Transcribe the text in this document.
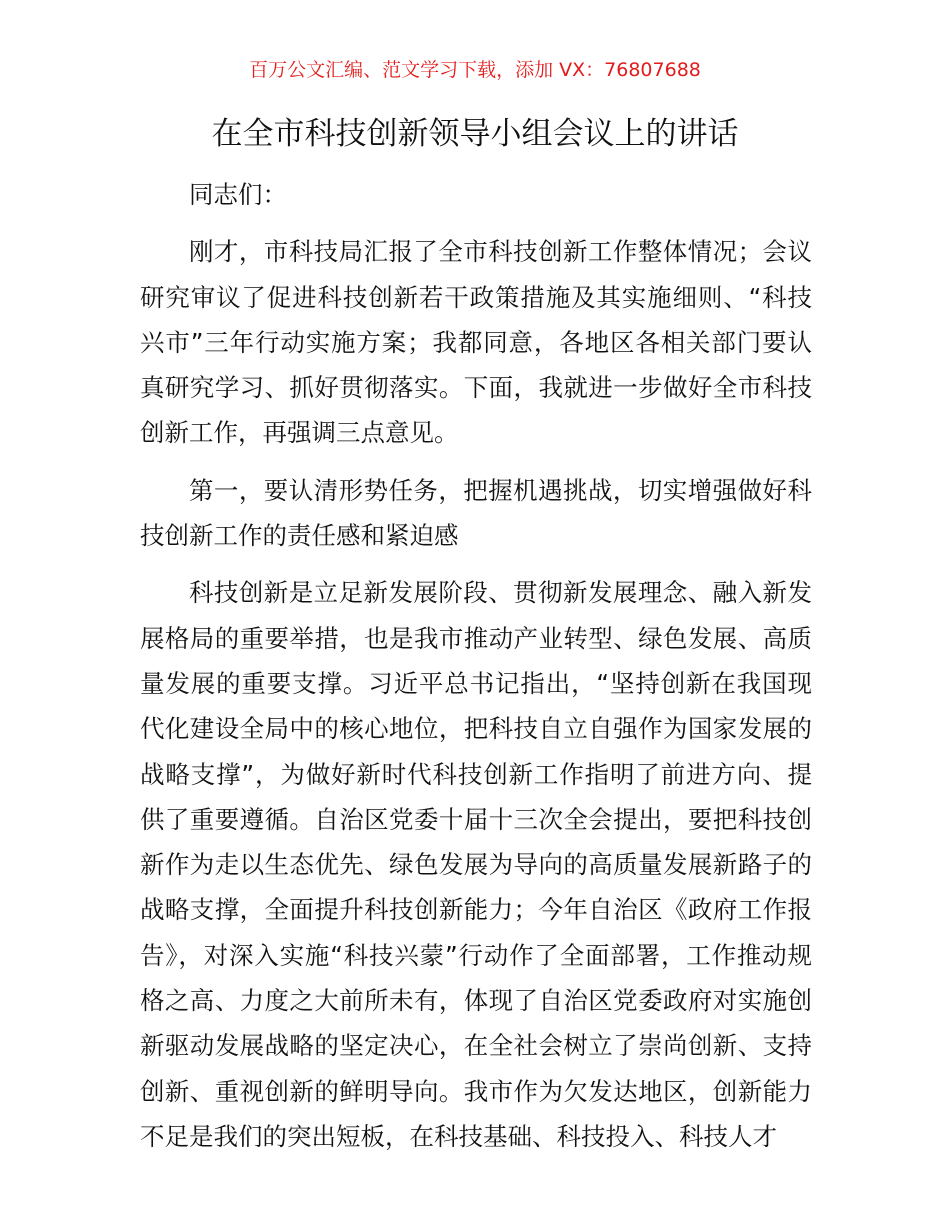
百万公文汇编、范文学习下载，添加 VX：76807688
在全市科技创新领导小组会议上的讲话

同志们：

刚才，市科技局汇报了全市科技创新工作整体情况；会议研究审议了促进科技创新若干政策措施及其实施细则、“科技兴市”三年行动实施方案；我都同意，各地区各相关部门要认真研究学习、抓好贯彻落实。下面，我就进一步做好全市科技创新工作，再强调三点意见。

第一，要认清形势任务，把握机遇挑战，切实增强做好科技创新工作的责任感和紧迫感

科技创新是立足新发展阶段、贯彻新发展理念、融入新发展格局的重要举措，也是我市推动产业转型、绿色发展、高质量发展的重要支撑。习近平总书记指出，“坚持创新在我国现代化建设全局中的核心地位，把科技自立自强作为国家发展的战略支撑”，为做好新时代科技创新工作指明了前进方向、提供了重要遵循。自治区党委十届十三次全会提出，要把科技创新作为走以生态优先、绿色发展为导向的高质量发展新路子的战略支撑，全面提升科技创新能力；今年自治区《政府工作报告》，对深入实施“科技兴蒙”行动作了全面部署，工作推动规格之高、力度之大前所未有，体现了自治区党委政府对实施创新驱动发展战略的坚定决心，在全社会树立了崇尚创新、支持创新、重视创新的鲜明导向。我市作为欠发达地区，创新能力不足是我们的突出短板，在科技基础、科技投入、科技人才
